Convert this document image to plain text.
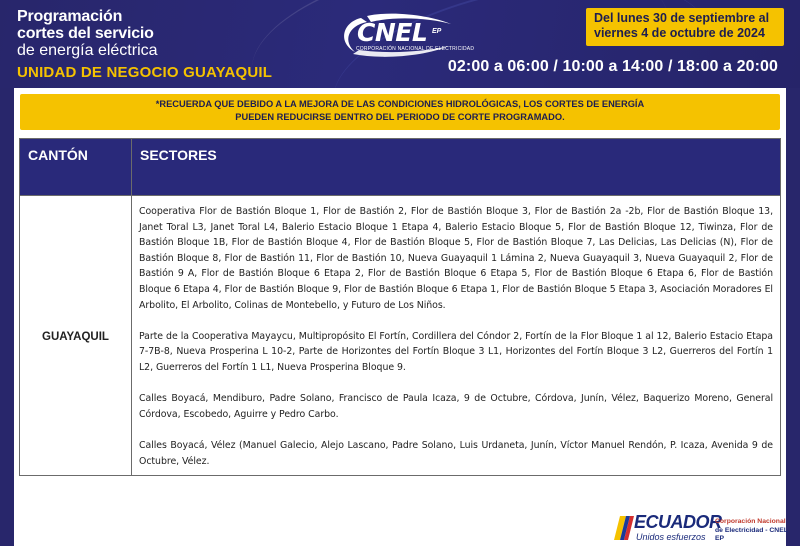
Programación
cortes del servicio
de energía eléctrica
UNIDAD DE NEGOCIO GUAYAQUIL
CNEL EP
CORPORACIÓN NACIONAL DE ELECTRICIDAD
Del lunes 30 de septiembre al
viernes 4 de octubre de 2024
02:00 a 06:00 / 10:00 a 14:00 / 18:00 a 20:00
*RECUERDA QUE DEBIDO A LA MEJORA DE LAS CONDICIONES HIDROLÓGICAS, LOS CORTES DE ENERGÍA
PUEDEN REDUCIRSE DENTRO DEL PERIODO DE CORTE PROGRAMADO.
CANTÓN	SECTORES
GUAYAQUIL

Cooperativa Flor de Bastión Bloque 1, Flor de Bastión 2, Flor de Bastión Bloque 3, Flor de Bastión 2a -2b, Flor de Bastión Bloque 13, Janet Toral L3, Janet Toral L4, Balerio Estacio Bloque 1 Etapa 4, Balerio Estacio Bloque 5, Flor de Bastión Bloque 12, Tiwinza, Flor de Bastión Bloque 1B, Flor de Bastión Bloque 4, Flor de Bastión Bloque 5, Flor de Bastión Bloque 7, Las Delicias, Las Delicias (N), Flor de Bastión Bloque 8, Flor de Bastión 11, Flor de Bastión 10, Nueva Guayaquil 1 Lámina 2, Nueva Guayaquil 3, Nueva Guayaquil 2, Flor de Bastión 9 A, Flor de Bastión Bloque 6 Etapa 2, Flor de Bastión Bloque 6 Etapa 5, Flor de Bastión Bloque 6 Etapa 6, Flor de Bastión Bloque 6 Etapa 4, Flor de Bastión Bloque 9, Flor de Bastión Bloque 6 Etapa 1, Flor de Bastión Bloque 5 Etapa 3, Asociación Moradores El Arbolito, El Arbolito, Colinas de Montebello, y Futuro de Los Niños.

Parte de la Cooperativa Mayaycu, Multipropósito El Fortín, Cordillera del Cóndor 2, Fortín de la Flor Bloque 1 al 12, Balerio Estacio Etapa 7-7B-8, Nueva Prosperina L 10-2, Parte de Horizontes del Fortín Bloque 3 L1, Horizontes del Fortín Bloque 3 L2, Guerreros del Fortín 1 L2, Guerreros del Fortín 1 L1, Nueva Prosperina Bloque 9.

Calles Boyacá, Mendiburo, Padre Solano, Francisco de Paula Icaza, 9 de Octubre, Córdova, Junín, Vélez, Baquerizo Moreno, General Córdova, Escobedo, Aguirre y Pedro Carbo.

Calles Boyacá, Vélez (Manuel Galecio, Alejo Lascano, Padre Solano, Luis Urdaneta, Junín, Víctor Manuel Rendón, P. Icaza, Avenida 9 de Octubre, Vélez.

ECUADOR
Unidos esfuerzos
Corporación Nacional
de Electricidad - CNEL EP
